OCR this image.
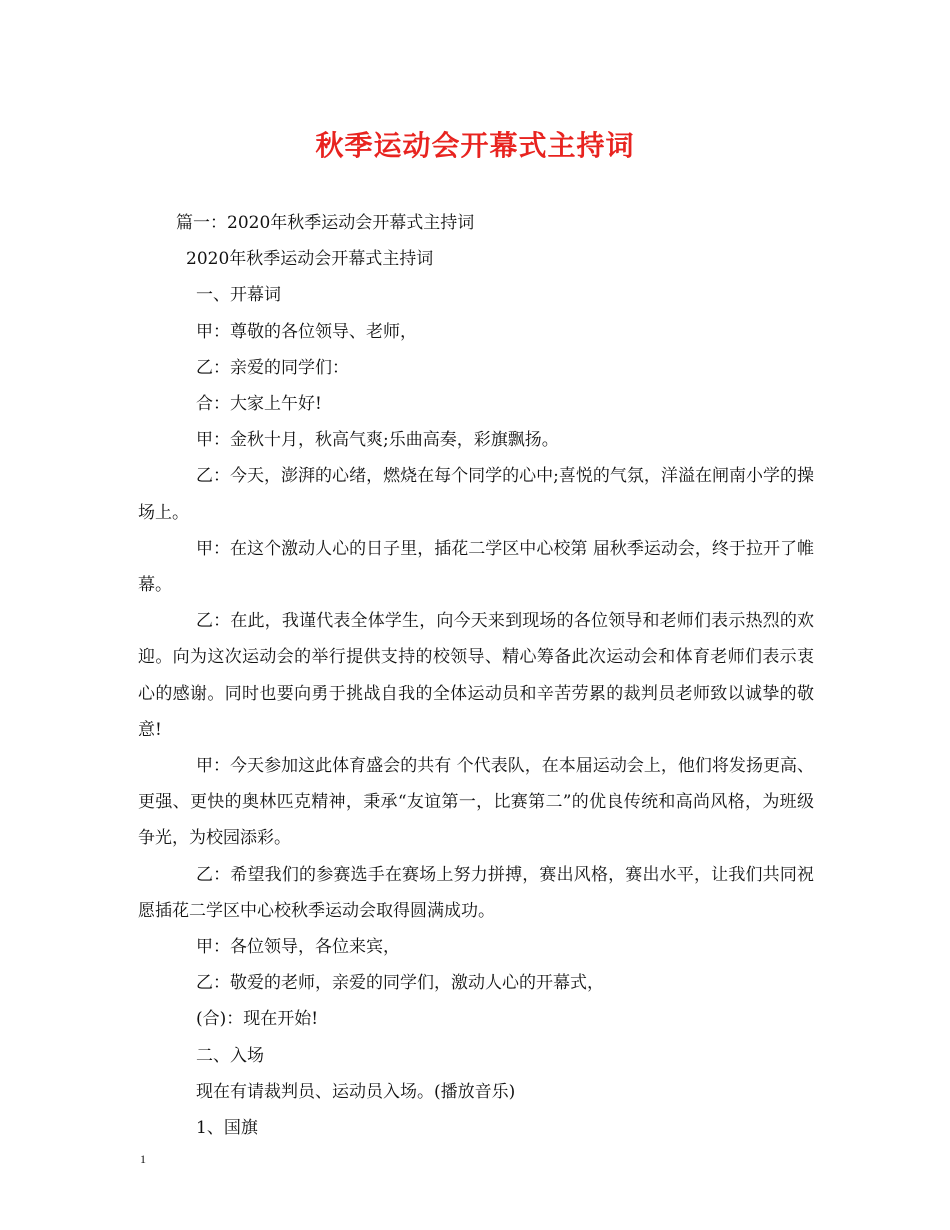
秋季运动会开幕式主持词

篇一：2020年秋季运动会开幕式主持词

2020年秋季运动会开幕式主持词

一、开幕词

甲：尊敬的各位领导、老师，

乙：亲爱的同学们：

合：大家上午好!

甲：金秋十月，秋高气爽;乐曲高奏，彩旗飘扬。

乙：今天，澎湃的心绪，燃烧在每个同学的心中;喜悦的气氛，洋溢在闸南小学的操场上。

甲：在这个激动人心的日子里，插花二学区中心校第 届秋季运动会，终于拉开了帷幕。

乙：在此，我谨代表全体学生，向今天来到现场的各位领导和老师们表示热烈的欢迎。向为这次运动会的举行提供支持的校领导、精心筹备此次运动会和体育老师们表示衷心的感谢。同时也要向勇于挑战自我的全体运动员和辛苦劳累的裁判员老师致以诚挚的敬意!

甲：今天参加这此体育盛会的共有 个代表队，在本届运动会上，他们将发扬更高、更强、更快的奥林匹克精神，秉承“友谊第一，比赛第二”的优良传统和高尚风格，为班级争光，为校园添彩。

乙：希望我们的参赛选手在赛场上努力拼搏，赛出风格，赛出水平，让我们共同祝愿插花二学区中心校秋季运动会取得圆满成功。

甲：各位领导，各位来宾，

乙：敬爱的老师，亲爱的同学们，激动人心的开幕式，

(合)：现在开始!

二、入场

现在有请裁判员、运动员入场。(播放音乐)

1、国旗

1
